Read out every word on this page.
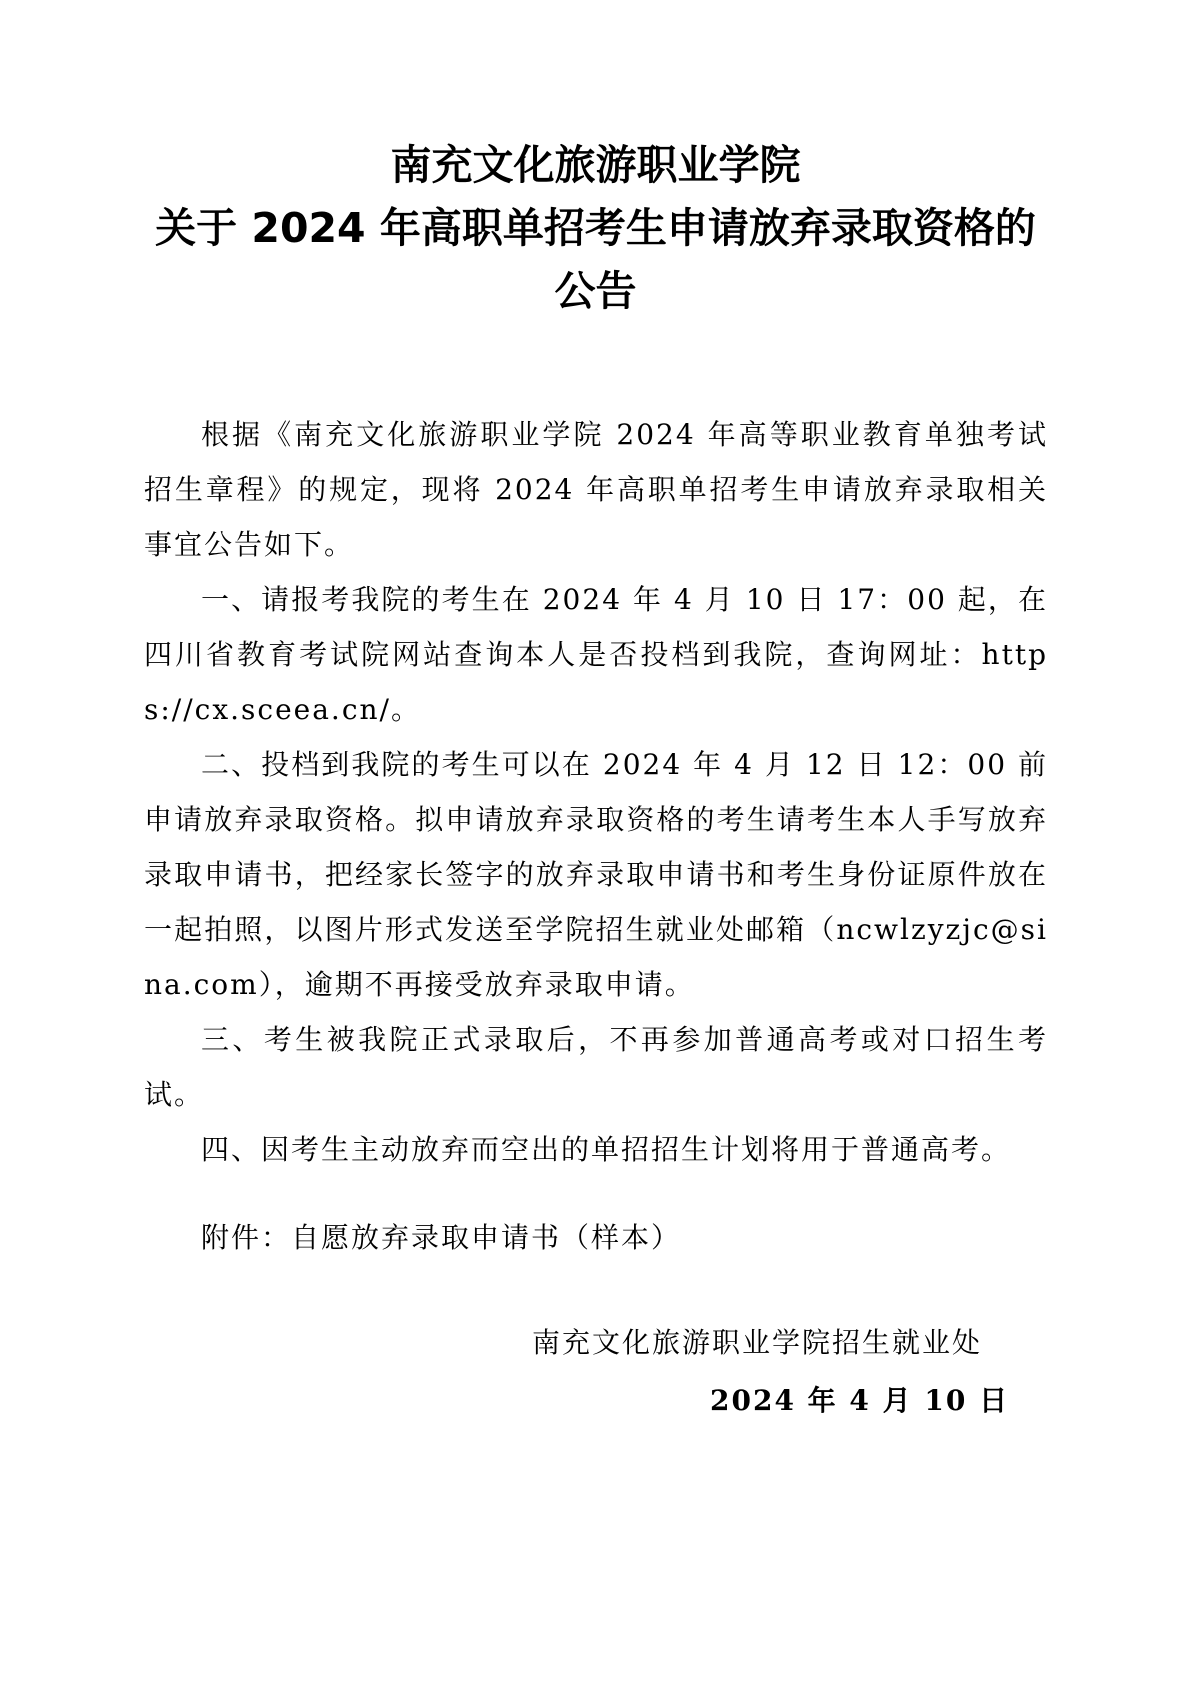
南充文化旅游职业学院
关于 2024 年高职单招考生申请放弃录取资格的
公告

根据《南充文化旅游职业学院 2024 年高等职业教育单独考试招生章程》的规定，现将 2024 年高职单招考生申请放弃录取相关事宜公告如下。

一、请报考我院的考生在 2024 年 4 月 10 日 17：00 起，在四川省教育考试院网站查询本人是否投档到我院，查询网址：https://cx.sceea.cn/。

二、投档到我院的考生可以在 2024 年 4 月 12 日 12：00 前申请放弃录取资格。拟申请放弃录取资格的考生请考生本人手写放弃录取申请书，把经家长签字的放弃录取申请书和考生身份证原件放在一起拍照，以图片形式发送至学院招生就业处邮箱（ncwlzyzjc@sina.com），逾期不再接受放弃录取申请。

三、考生被我院正式录取后，不再参加普通高考或对口招生考试。

四、因考生主动放弃而空出的单招招生计划将用于普通高考。

附件：自愿放弃录取申请书（样本）
南充文化旅游职业学院招生就业处
2024 年 4 月 10 日
